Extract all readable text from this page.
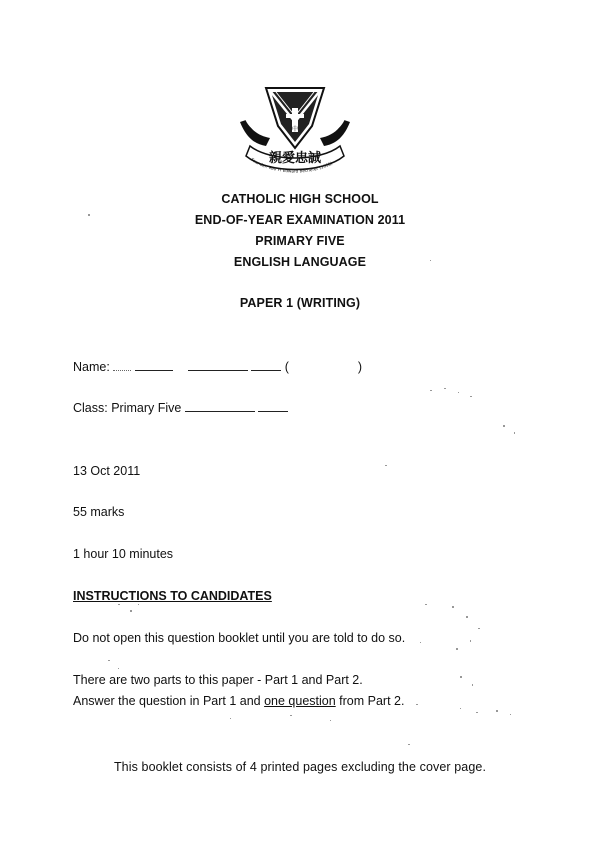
中
親愛忠誠
Founder: Rev Fr Edward Becherer (1935)
CATHOLIC HIGH SCHOOL
END-OF-YEAR EXAMINATION 2011
PRIMARY FIVE
ENGLISH LANGUAGE
PAPER 1 (WRITING)
Name:	(	)
Class: Primary Five
13 Oct 2011
55 marks
1 hour 10 minutes
INSTRUCTIONS TO CANDIDATES
Do not open this question booklet until you are told to do so.
There are two parts to this paper - Part 1 and Part 2.
Answer the question in Part 1 and one question from Part 2.
This booklet consists of 4 printed pages excluding the cover page.
